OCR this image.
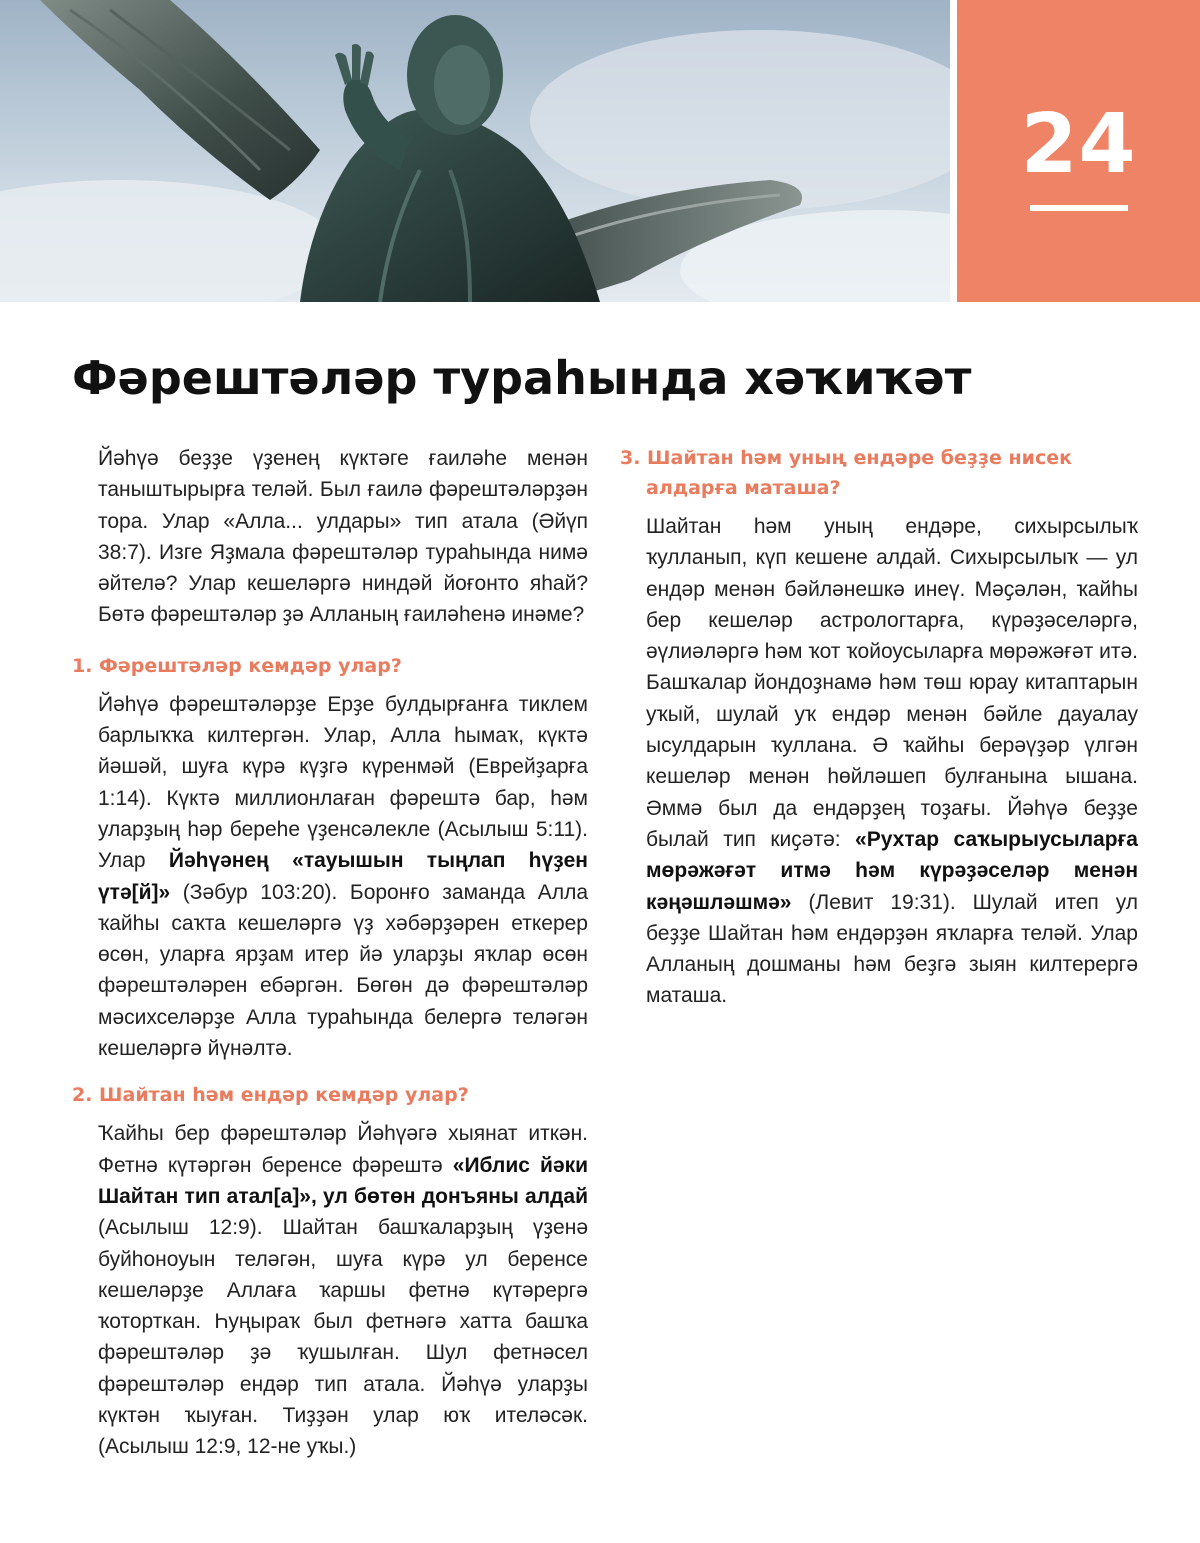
24
Фәрештәләр тураһында хәҡиҡәт

Йәһүә беҙҙе үҙенең күктәге ғаиләһе менән таныштырырға теләй. Был ғаилә фәрештәләрҙән тора. Улар «Алла... улдары» тип атала (Әйүп 38:7). Изге Яҙмала фәрештәләр тураһында нимә әйтелә? Улар кешеләргә ниндәй йоғонто яһай? Бөтә фәрештәләр ҙә Алланың ғаиләһенә инәме?

1. Фәрештәләр кемдәр улар?

Йәһүә фәрештәләрҙе Ерҙе булдырғанға тиклем барлыҡҡа килтергән. Улар, Алла һымаҡ, күктә йәшәй, шуға күрә күҙгә күренмәй (Еврейҙарға 1:14). Күктә миллионлаған фәрештә бар, һәм уларҙың һәр береһе үҙенсәлекле (Асылыш 5:11). Улар Йәһүәнең «тауышын тыңлап һүҙен үтә[й]» (Зәбур 103:20). Боронғо заманда Алла ҡайһы саҡта кешеләргә үҙ хәбәрҙәрен еткерер өсөн, уларға ярҙам итер йә уларҙы яҡлар өсөн фәрештәләрен ебәргән. Бөгөн дә фәрештәләр мәсихселәрҙе Алла тураһында белергә теләгән кешеләргә йүнәлтә.

2. Шайтан һәм ендәр кемдәр улар?

Ҡайһы бер фәрештәләр Йәһүәгә хыянат иткән. Фетнә күтәргән беренсе фәрештә «Иблис йәки Шайтан тип атал[а]», ул бөтөн донъяны алдай (Асылыш 12:9). Шайтан башҡаларҙың үҙенә буйһоноуын теләгән, шуға күрә ул беренсе кешеләрҙе Аллаға ҡаршы фетнә күтәрергә ҡоторткан. Һуңыраҡ был фетнәгә хатта башҡа фәрештәләр ҙә ҡушылған. Шул фетнәсел фәрештәләр ендәр тип атала. Йәһүә уларҙы күктән ҡыуған. Тиҙҙән улар юҡ ителәсәк. (Асылыш 12:9, 12-не уҡы.)

3. Шайтан һәм уның ендәре беҙҙе нисек алдарға маташа?

Шайтан һәм уның ендәре, сихырсылыҡ ҡулланып, күп кешене алдай. Сихырсылыҡ — ул ендәр менән бәйләнешкә инеү. Мәҫәлән, ҡайһы бер кешеләр астрологтарға, күрәҙәселәргә, әүлиәләргә һәм ҡот ҡойоусыларға мөрәжәғәт итә. Башҡалар йондоҙнамә һәм төш юрау китаптарын уҡый, шулай уҡ ендәр менән бәйле дауалау ысулдарын ҡуллана. Ә ҡайһы берәүҙәр үлгән кешеләр менән һөйләшеп булғанына ышана. Әммә был да ендәрҙең тоҙағы. Йәһүә беҙҙе былай тип киҫәтә: «Рухтар саҡырыусыларға мөрәжәғәт итмә һәм күрәҙәселәр менән кәңәшләшмә» (Левит 19:31). Шулай итеп ул беҙҙе Шайтан һәм ендәрҙән яҡларға теләй. Улар Алланың дошманы һәм беҙгә зыян килтерергә маташа.
